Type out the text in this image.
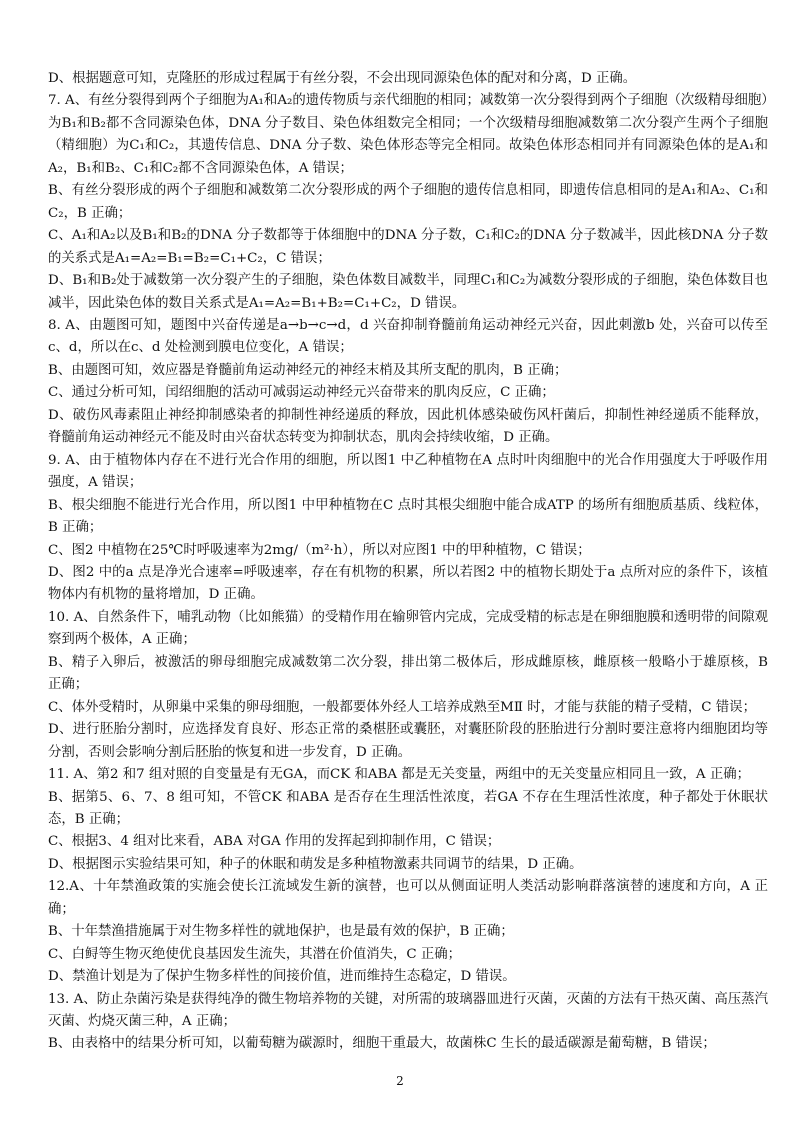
D、根据题意可知，克隆胚的形成过程属于有丝分裂，不会出现同源染色体的配对和分离，D 正确。

7. A、有丝分裂得到两个子细胞为A₁和A₂的遗传物质与亲代细胞的相同；减数第一次分裂得到两个子细胞（次级精母细胞）为B₁和B₂都不含同源染色体，DNA 分子数目、染色体组数完全相同；一个次级精母细胞减数第二次分裂产生两个子细胞（精细胞）为C₁和C₂，其遗传信息、DNA 分子数、染色体形态等完全相同。故染色体形态相同并有同源染色体的是A₁和A₂，B₁和B₂、C₁和C₂都不含同源染色体，A 错误；

B、有丝分裂形成的两个子细胞和减数第二次分裂形成的两个子细胞的遗传信息相同，即遗传信息相同的是A₁和A₂、C₁和C₂，B 正确；

C、A₁和A₂以及B₁和B₂的DNA 分子数都等于体细胞中的DNA 分子数，C₁和C₂的DNA 分子数减半，因此核DNA 分子数的关系式是A₁=A₂=B₁=B₂=C₁+C₂，C 错误；

D、B₁和B₂处于减数第一次分裂产生的子细胞，染色体数目减数半，同理C₁和C₂为减数分裂形成的子细胞，染色体数目也减半，因此染色体的数目关系式是A₁=A₂=B₁+B₂=C₁+C₂，D 错误。

8. A、由题图可知，题图中兴奋传递是a→b→c→d，d 兴奋抑制脊髓前角运动神经元兴奋，因此刺激b 处，兴奋可以传至c、d，所以在c、d 处检测到膜电位变化，A 错误；

B、由题图可知，效应器是脊髓前角运动神经元的神经末梢及其所支配的肌肉，B 正确；

C、通过分析可知，闰绍细胞的活动可减弱运动神经元兴奋带来的肌肉反应，C 正确；

D、破伤风毒素阻止神经抑制感染者的抑制性神经递质的释放，因此机体感染破伤风杆菌后，抑制性神经递质不能释放，脊髓前角运动神经元不能及时由兴奋状态转变为抑制状态，肌肉会持续收缩，D 正确。

9. A、由于植物体内存在不进行光合作用的细胞，所以图1 中乙种植物在A 点时叶肉细胞中的光合作用强度大于呼吸作用强度，A 错误；

B、根尖细胞不能进行光合作用，所以图1 中甲种植物在C 点时其根尖细胞中能合成ATP 的场所有细胞质基质、线粒体，B 正确；

C、图2 中植物在25℃时呼吸速率为2mg/（m²·h），所以对应图1 中的甲种植物，C 错误；

D、图2 中的a 点是净光合速率=呼吸速率，存在有机物的积累，所以若图2 中的植物长期处于a 点所对应的条件下，该植物体内有机物的量将增加，D 正确。

10. A、自然条件下，哺乳动物（比如熊猫）的受精作用在输卵管内完成，完成受精的标志是在卵细胞膜和透明带的间隙观察到两个极体，A 正确；

B、精子入卵后，被激活的卵母细胞完成减数第二次分裂，排出第二极体后，形成雌原核，雌原核一般略小于雄原核，B 正确；

C、体外受精时，从卵巢中采集的卵母细胞，一般都要体外经人工培养成熟至MⅡ 时，才能与获能的精子受精，C 错误；

D、进行胚胎分割时，应选择发育良好、形态正常的桑椹胚或囊胚，对囊胚阶段的胚胎进行分割时要注意将内细胞团均等分割，否则会影响分割后胚胎的恢复和进一步发育，D 正确。

11. A、第2 和7 组对照的自变量是有无GA，而CK 和ABA 都是无关变量，两组中的无关变量应相同且一致，A 正确；

B、据第5、6、7、8 组可知，不管CK 和ABA 是否存在生理活性浓度，若GA 不存在生理活性浓度，种子都处于休眠状态，B 正确；

C、根据3、4 组对比来看，ABA 对GA 作用的发挥起到抑制作用，C 错误；

D、根据图示实验结果可知，种子的休眠和萌发是多种植物激素共同调节的结果，D 正确。

12.A、十年禁渔政策的实施会使长江流域发生新的演替，也可以从侧面证明人类活动影响群落演替的速度和方向，A 正确；

B、十年禁渔措施属于对生物多样性的就地保护，也是最有效的保护，B 正确；

C、白鲟等生物灭绝使优良基因发生流失，其潜在价值消失，C 正确；

D、禁渔计划是为了保护生物多样性的间接价值，进而维持生态稳定，D 错误。

13. A、防止杂菌污染是获得纯净的微生物培养物的关键，对所需的玻璃器皿进行灭菌，灭菌的方法有干热灭菌、高压蒸汽灭菌、灼烧灭菌三种，A 正确；

B、由表格中的结果分析可知，以葡萄糖为碳源时，细胞干重最大，故菌株C 生长的最适碳源是葡萄糖，B 错误；

2
